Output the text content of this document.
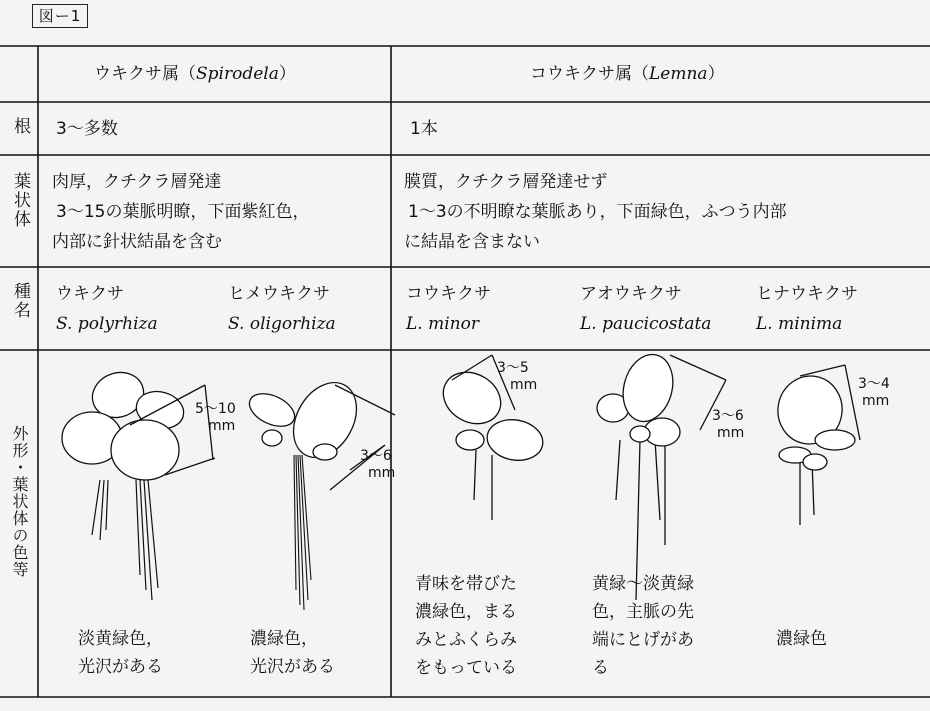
図ー1
5～10
mm
3～6
mm
3～5
mm
3～6
mm
3～4
mm
ウキクサ属（Spirodela）	コウキクサ属（Lemna）
根
葉状体
種名
外形・葉状体の色等
3～多数	1本
肉厚，クチクラ層発達
3～15の葉脈明瞭，下面紫紅色，
内部に針状結晶を含む
膜質，クチクラ層発達せず
1～3の不明瞭な葉脈あり，下面緑色，ふつう内部
に結晶を含まない
ウキクサ
S. polyrhiza
ヒメウキクサ
S. oligorhiza
コウキクサ
L. minor
アオウキクサ
L. paucicostata
ヒナウキクサ
L. minima
淡黄緑色，
光沢がある
濃緑色，
光沢がある
青味を帯びた
濃緑色，まる
みとふくらみ
をもっている
黄緑～淡黄緑
色，主脈の先
端にとげがあ
る
濃緑色
